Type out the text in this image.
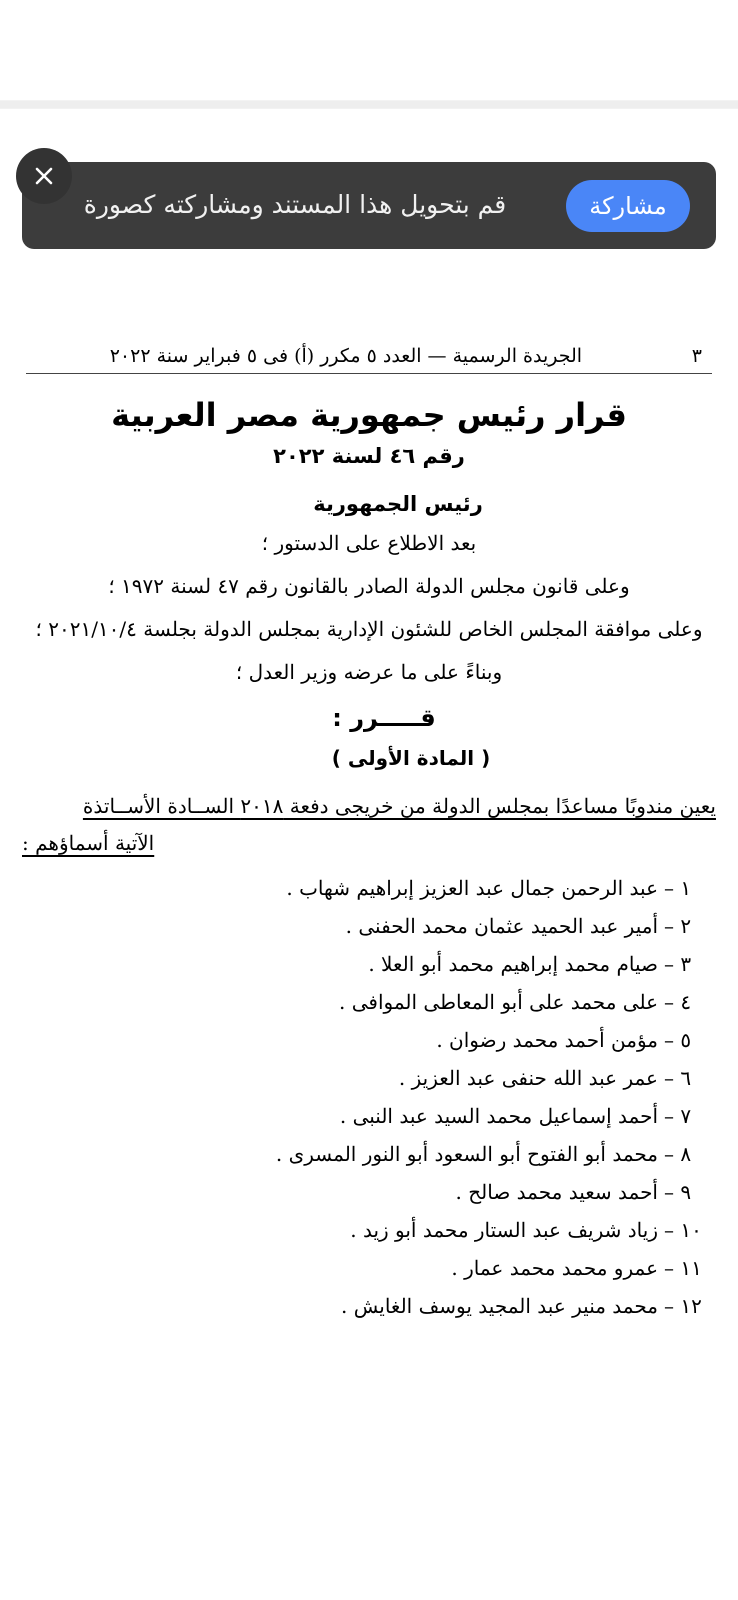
مشاركة
قم بتحويل هذا المستند ومشاركته كصورة
الجريدة الرسمية — العدد ٥ مكرر (أ) فى ٥ فبراير سنة ٢٠٢٢	٣
قرار رئيس جمهورية مصر العربية
رقم ٤٦ لسنة ٢٠٢٢
رئيس الجمهورية
بعد الاطلاع على الدستور ؛
وعلى قانون مجلس الدولة الصادر بالقانون رقم ٤٧ لسنة ١٩٧٢ ؛
وعلى موافقة المجلس الخاص للشئون الإدارية بمجلس الدولة بجلسة ٢٠٢١/١٠/٤ ؛
وبناءً على ما عرضه وزير العدل ؛
قـــــرر :
( المادة الأولى )
يعين مندوبًا مساعدًا بمجلس الدولة من خريجى دفعة ٢٠١٨ الســادة الأســاتذة
الآتية أسماؤهم :
١ –
عبد الرحمن جمال عبد العزيز إبراهيم شهاب .
٢ –
أمير عبد الحميد عثمان محمد الحفنى .
٣ –
صيام محمد إبراهيم محمد أبو العلا .
٤ –
على محمد على أبو المعاطى الموافى .
٥ –
مؤمن أحمد محمد رضوان .
٦ –
عمر عبد الله حنفى عبد العزيز .
٧ –
أحمد إسماعيل محمد السيد عبد النبى .
٨ –
محمد أبو الفتوح أبو السعود أبو النور المسرى .
٩ –
أحمد سعيد محمد صالح .
١٠ –
زياد شريف عبد الستار محمد أبو زيد .
١١ –
عمرو محمد محمد عمار .
١٢ –
محمد منير عبد المجيد يوسف الغايش .
